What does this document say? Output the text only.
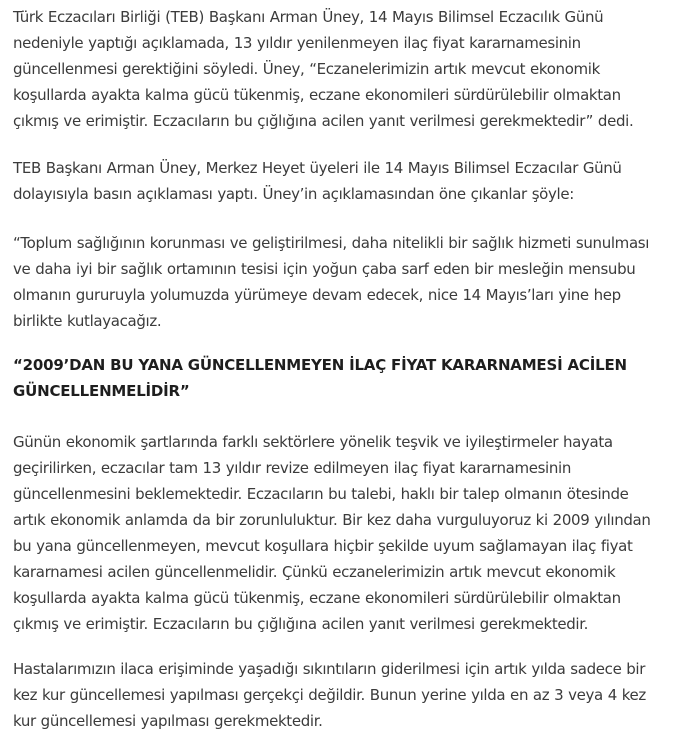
Türk Eczacıları Birliği (TEB) Başkanı Arman Üney, 14 Mayıs Bilimsel Eczacılık Günü
nedeniyle yaptığı açıklamada, 13 yıldır yenilenmeyen ilaç fiyat kararnamesinin
güncellenmesi gerektiğini söyledi. Üney, “Eczanelerimizin artık mevcut ekonomik
koşullarda ayakta kalma gücü tükenmiş, eczane ekonomileri sürdürülebilir olmaktan
çıkmış ve erimiştir. Eczacıların bu çığlığına acilen yanıt verilmesi gerekmektedir” dedi.

TEB Başkanı Arman Üney, Merkez Heyet üyeleri ile 14 Mayıs Bilimsel Eczacılar Günü
dolayısıyla basın açıklaması yaptı. Üney’in açıklamasından öne çıkanlar şöyle:

“Toplum sağlığının korunması ve geliştirilmesi, daha nitelikli bir sağlık hizmeti sunulması
ve daha iyi bir sağlık ortamının tesisi için yoğun çaba sarf eden bir mesleğin mensubu
olmanın gururuyla yolumuzda yürümeye devam edecek, nice 14 Mayıs’ları yine hep
birlikte kutlayacağız.

“2009’DAN BU YANA GÜNCELLENMEYEN İLAÇ FİYAT KARARNAMESİ ACİLEN
GÜNCELLENMELİDİR”

Günün ekonomik şartlarında farklı sektörlere yönelik teşvik ve iyileştirmeler hayata
geçirilirken, eczacılar tam 13 yıldır revize edilmeyen ilaç fiyat kararnamesinin
güncellenmesini beklemektedir. Eczacıların bu talebi, haklı bir talep olmanın ötesinde
artık ekonomik anlamda da bir zorunluluktur. Bir kez daha vurguluyoruz ki 2009 yılından
bu yana güncellenmeyen, mevcut koşullara hiçbir şekilde uyum sağlamayan ilaç fiyat
kararnamesi acilen güncellenmelidir. Çünkü eczanelerimizin artık mevcut ekonomik
koşullarda ayakta kalma gücü tükenmiş, eczane ekonomileri sürdürülebilir olmaktan
çıkmış ve erimiştir. Eczacıların bu çığlığına acilen yanıt verilmesi gerekmektedir.

Hastalarımızın ilaca erişiminde yaşadığı sıkıntıların giderilmesi için artık yılda sadece bir
kez kur güncellemesi yapılması gerçekçi değildir. Bunun yerine yılda en az 3 veya 4 kez
kur güncellemesi yapılması gerekmektedir.
